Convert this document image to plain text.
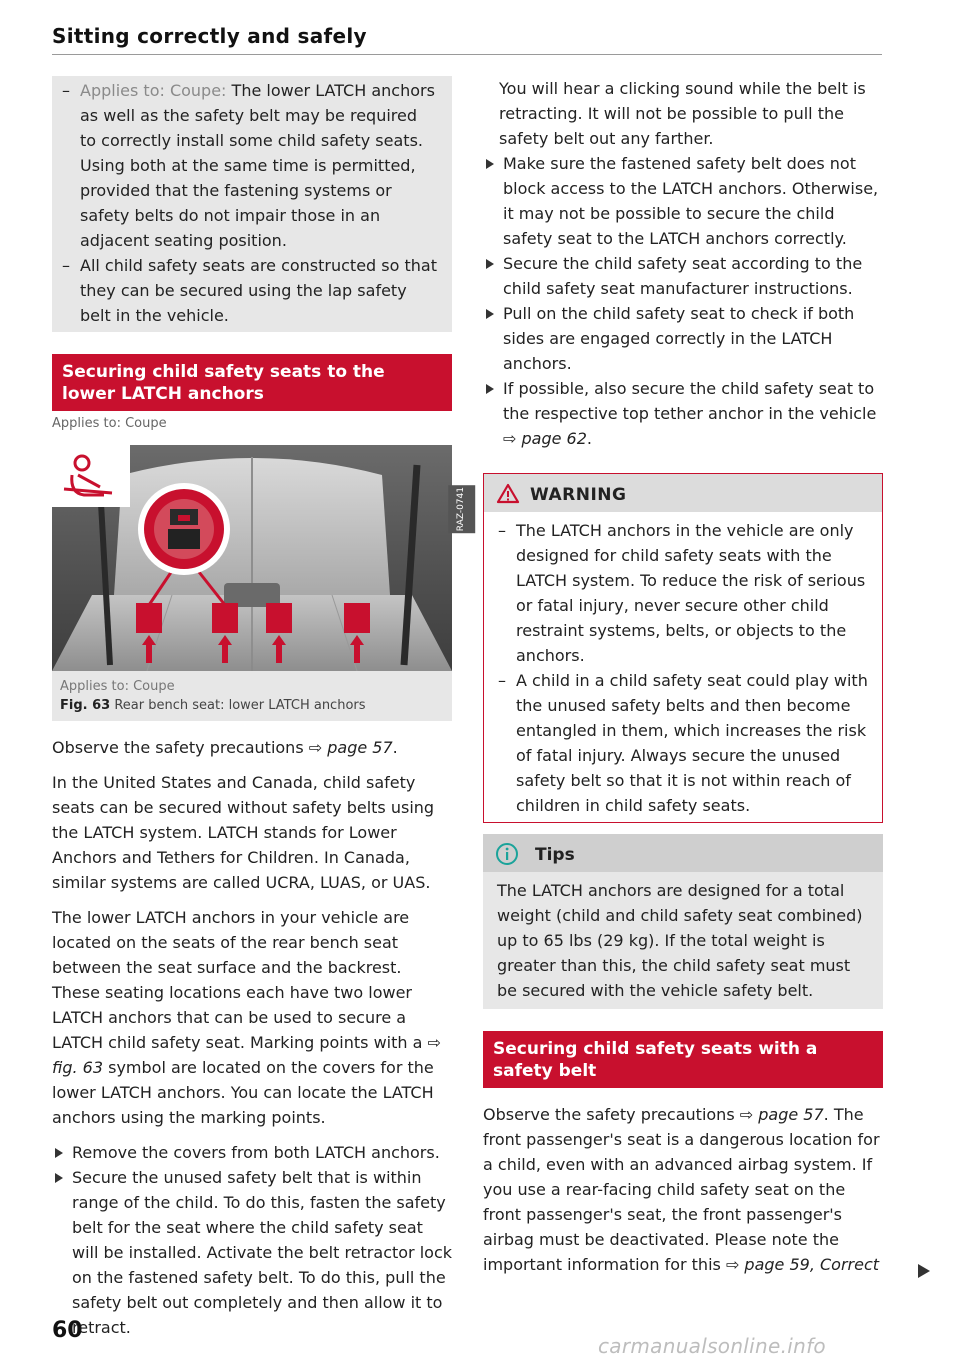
Sitting correctly and safely
– Applies to: Coupe: The lower LATCH anchors as well as the safety belt may be required to correctly install some child safety seats. Using both at the same time is permitted, provided that the fastening systems or safety belts do not impair those in an adjacent seating position.
– All child safety seats are constructed so that they can be secured using the lap safety belt in the vehicle.
Securing child safety seats to the lower LATCH anchors
Applies to: Coupe
RAZ-0741
Applies to: Coupe
Fig. 63 Rear bench seat: lower LATCH anchors

Observe the safety precautions ⇨ page 57.

In the United States and Canada, child safety seats can be secured without safety belts using the LATCH system. LATCH stands for Lower Anchors and Tethers for Children. In Canada, similar systems are called UCRA, LUAS, or UAS.

The lower LATCH anchors in your vehicle are located on the seats of the rear bench seat between the seat surface and the backrest. These seating locations each have two lower LATCH anchors that can be used to secure a LATCH child safety seat. Marking points with a ⇨ fig. 63 symbol are located on the covers for the lower LATCH anchors. You can locate the LATCH anchors using the marking points.

Remove the covers from both LATCH anchors.
Secure the unused safety belt that is within range of the child. To do this, fasten the safety belt for the seat where the child safety seat will be installed. Activate the belt retractor lock on the fastened safety belt. To do this, pull the safety belt out completely and then allow it to retract.

You will hear a clicking sound while the belt is retracting. It will not be possible to pull the safety belt out any farther.

Make sure the fastened safety belt does not block access to the LATCH anchors. Otherwise, it may not be possible to secure the child safety seat to the LATCH anchors correctly.
Secure the child safety seat according to the child safety seat manufacturer instructions.
Pull on the child safety seat to check if both sides are engaged correctly in the LATCH anchors.
If possible, also secure the child safety seat to the respective top tether anchor in the vehicle ⇨ page 62.
WARNING
– The LATCH anchors in the vehicle are only designed for child safety seats with the LATCH system. To reduce the risk of serious or fatal injury, never secure other child restraint systems, belts, or objects to the anchors.
– A child in a child safety seat could play with the unused safety belts and then become entangled in them, which increases the risk of fatal injury. Always secure the unused safety belt so that it is not within reach of children in child safety seats.
Tips
The LATCH anchors are designed for a total weight (child and child safety seat combined) up to 65 lbs (29 kg). If the total weight is greater than this, the child safety seat must be secured with the vehicle safety belt.
Securing child safety seats with a safety belt

Observe the safety precautions ⇨ page 57. The front passenger's seat is a dangerous location for a child, even with an advanced airbag system. If you use a rear-facing child safety seat on the front passenger's seat, the front passenger's airbag must be deactivated. Please note the important information for this ⇨ page 59, Correct

60
carmanualsonline.info
